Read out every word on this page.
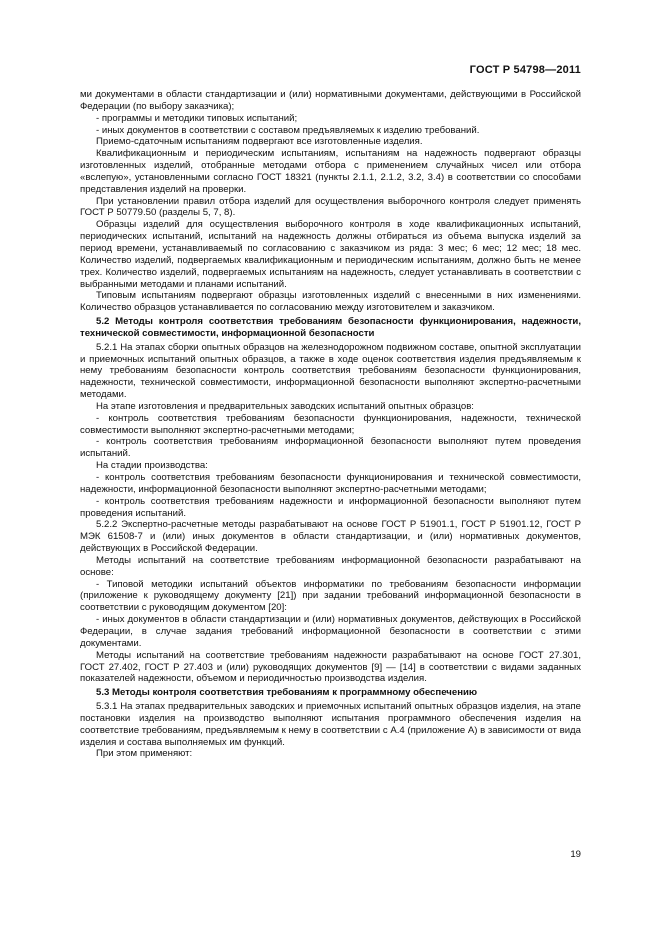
ГОСТ Р 54798—2011

ми документами в области стандартизации и (или) нормативными документами, действующими в Российской Федерации (по выбору заказчика);

- программы и методики типовых испытаний;

- иных документов в соответствии с составом предъявляемых к изделию требований.

Приемо-сдаточным испытаниям подвергают все изготовленные изделия.

Квалификационным и периодическим испытаниям, испытаниям на надежность подвергают образцы изготовленных изделий, отобранные методами отбора с применением случайных чисел или отбора «вслепую», установленными согласно ГОСТ 18321 (пункты 2.1.1, 2.1.2, 3.2, 3.4) в соответствии со способами представления изделий на проверки.

При установлении правил отбора изделий для осуществления выборочного контроля следует применять ГОСТ Р 50779.50 (разделы 5, 7, 8).

Образцы изделий для осуществления выборочного контроля в ходе квалификационных испытаний, периодических испытаний, испытаний на надежность должны отбираться из объема выпуска изделий за период времени, устанавливаемый по согласованию с заказчиком из ряда: 3 мес; 6 мес; 12 мес; 18 мес. Количество изделий, подвергаемых квалификационным и периодическим испытаниям, должно быть не менее трех. Количество изделий, подвергаемых испытаниям на надежность, следует устанавливать в соответствии с выбранными методами и планами испытаний.

Типовым испытаниям подвергают образцы изготовленных изделий с внесенными в них изменениями. Количество образцов устанавливается по согласованию между изготовителем и заказчиком.

5.2 Методы контроля соответствия требованиям безопасности функционирования, надежности, технической совместимости, информационной безопасности

5.2.1 На этапах сборки опытных образцов на железнодорожном подвижном составе, опытной эксплуатации и приемочных испытаний опытных образцов, а также в ходе оценок соответствия изделия предъявляемым к нему требованиям безопасности контроль соответствия требованиям безопасности функционирования, надежности, технической совместимости, информационной безопасности выполняют экспертно-расчетными методами.

На этапе изготовления и предварительных заводских испытаний опытных образцов:

- контроль соответствия требованиям безопасности функционирования, надежности, технической совместимости выполняют экспертно-расчетными методами;

- контроль соответствия требованиям информационной безопасности выполняют путем проведения испытаний.

На стадии производства:

- контроль соответствия требованиям безопасности функционирования и технической совместимости, надежности, информационной безопасности выполняют экспертно-расчетными методами;

- контроль соответствия требованиям надежности и информационной безопасности выполняют путем проведения испытаний.

5.2.2 Экспертно-расчетные методы разрабатывают на основе ГОСТ Р 51901.1, ГОСТ Р 51901.12, ГОСТ Р МЭК 61508-7 и (или) иных документов в области стандартизации, и (или) нормативных документов, действующих в Российской Федерации.

Методы испытаний на соответствие требованиям информационной безопасности разрабатывают на основе:

- Типовой методики испытаний объектов информатики по требованиям безопасности информации (приложение к руководящему документу [21]) при задании требований информационной безопасности в соответствии с руководящим документом [20]:

- иных документов в области стандартизации и (или) нормативных документов, действующих в Российской Федерации, в случае задания требований информационной безопасности в соответствии с этими документами.

Методы испытаний на соответствие требованиям надежности разрабатывают на основе ГОСТ 27.301, ГОСТ 27.402, ГОСТ Р 27.403 и (или) руководящих документов [9] — [14] в соответствии с видами заданных показателей надежности, объемом и периодичностью производства изделия.

5.3 Методы контроля соответствия требованиям к программному обеспечению

5.3.1 На этапах предварительных заводских и приемочных испытаний опытных образцов изделия, на этапе постановки изделия на производство выполняют испытания программного обеспечения изделия на соответствие требованиям, предъявляемым к нему в соответствии с А.4 (приложение А) в зависимости от вида изделия и состава выполняемых им функций.

При этом применяют:

19
